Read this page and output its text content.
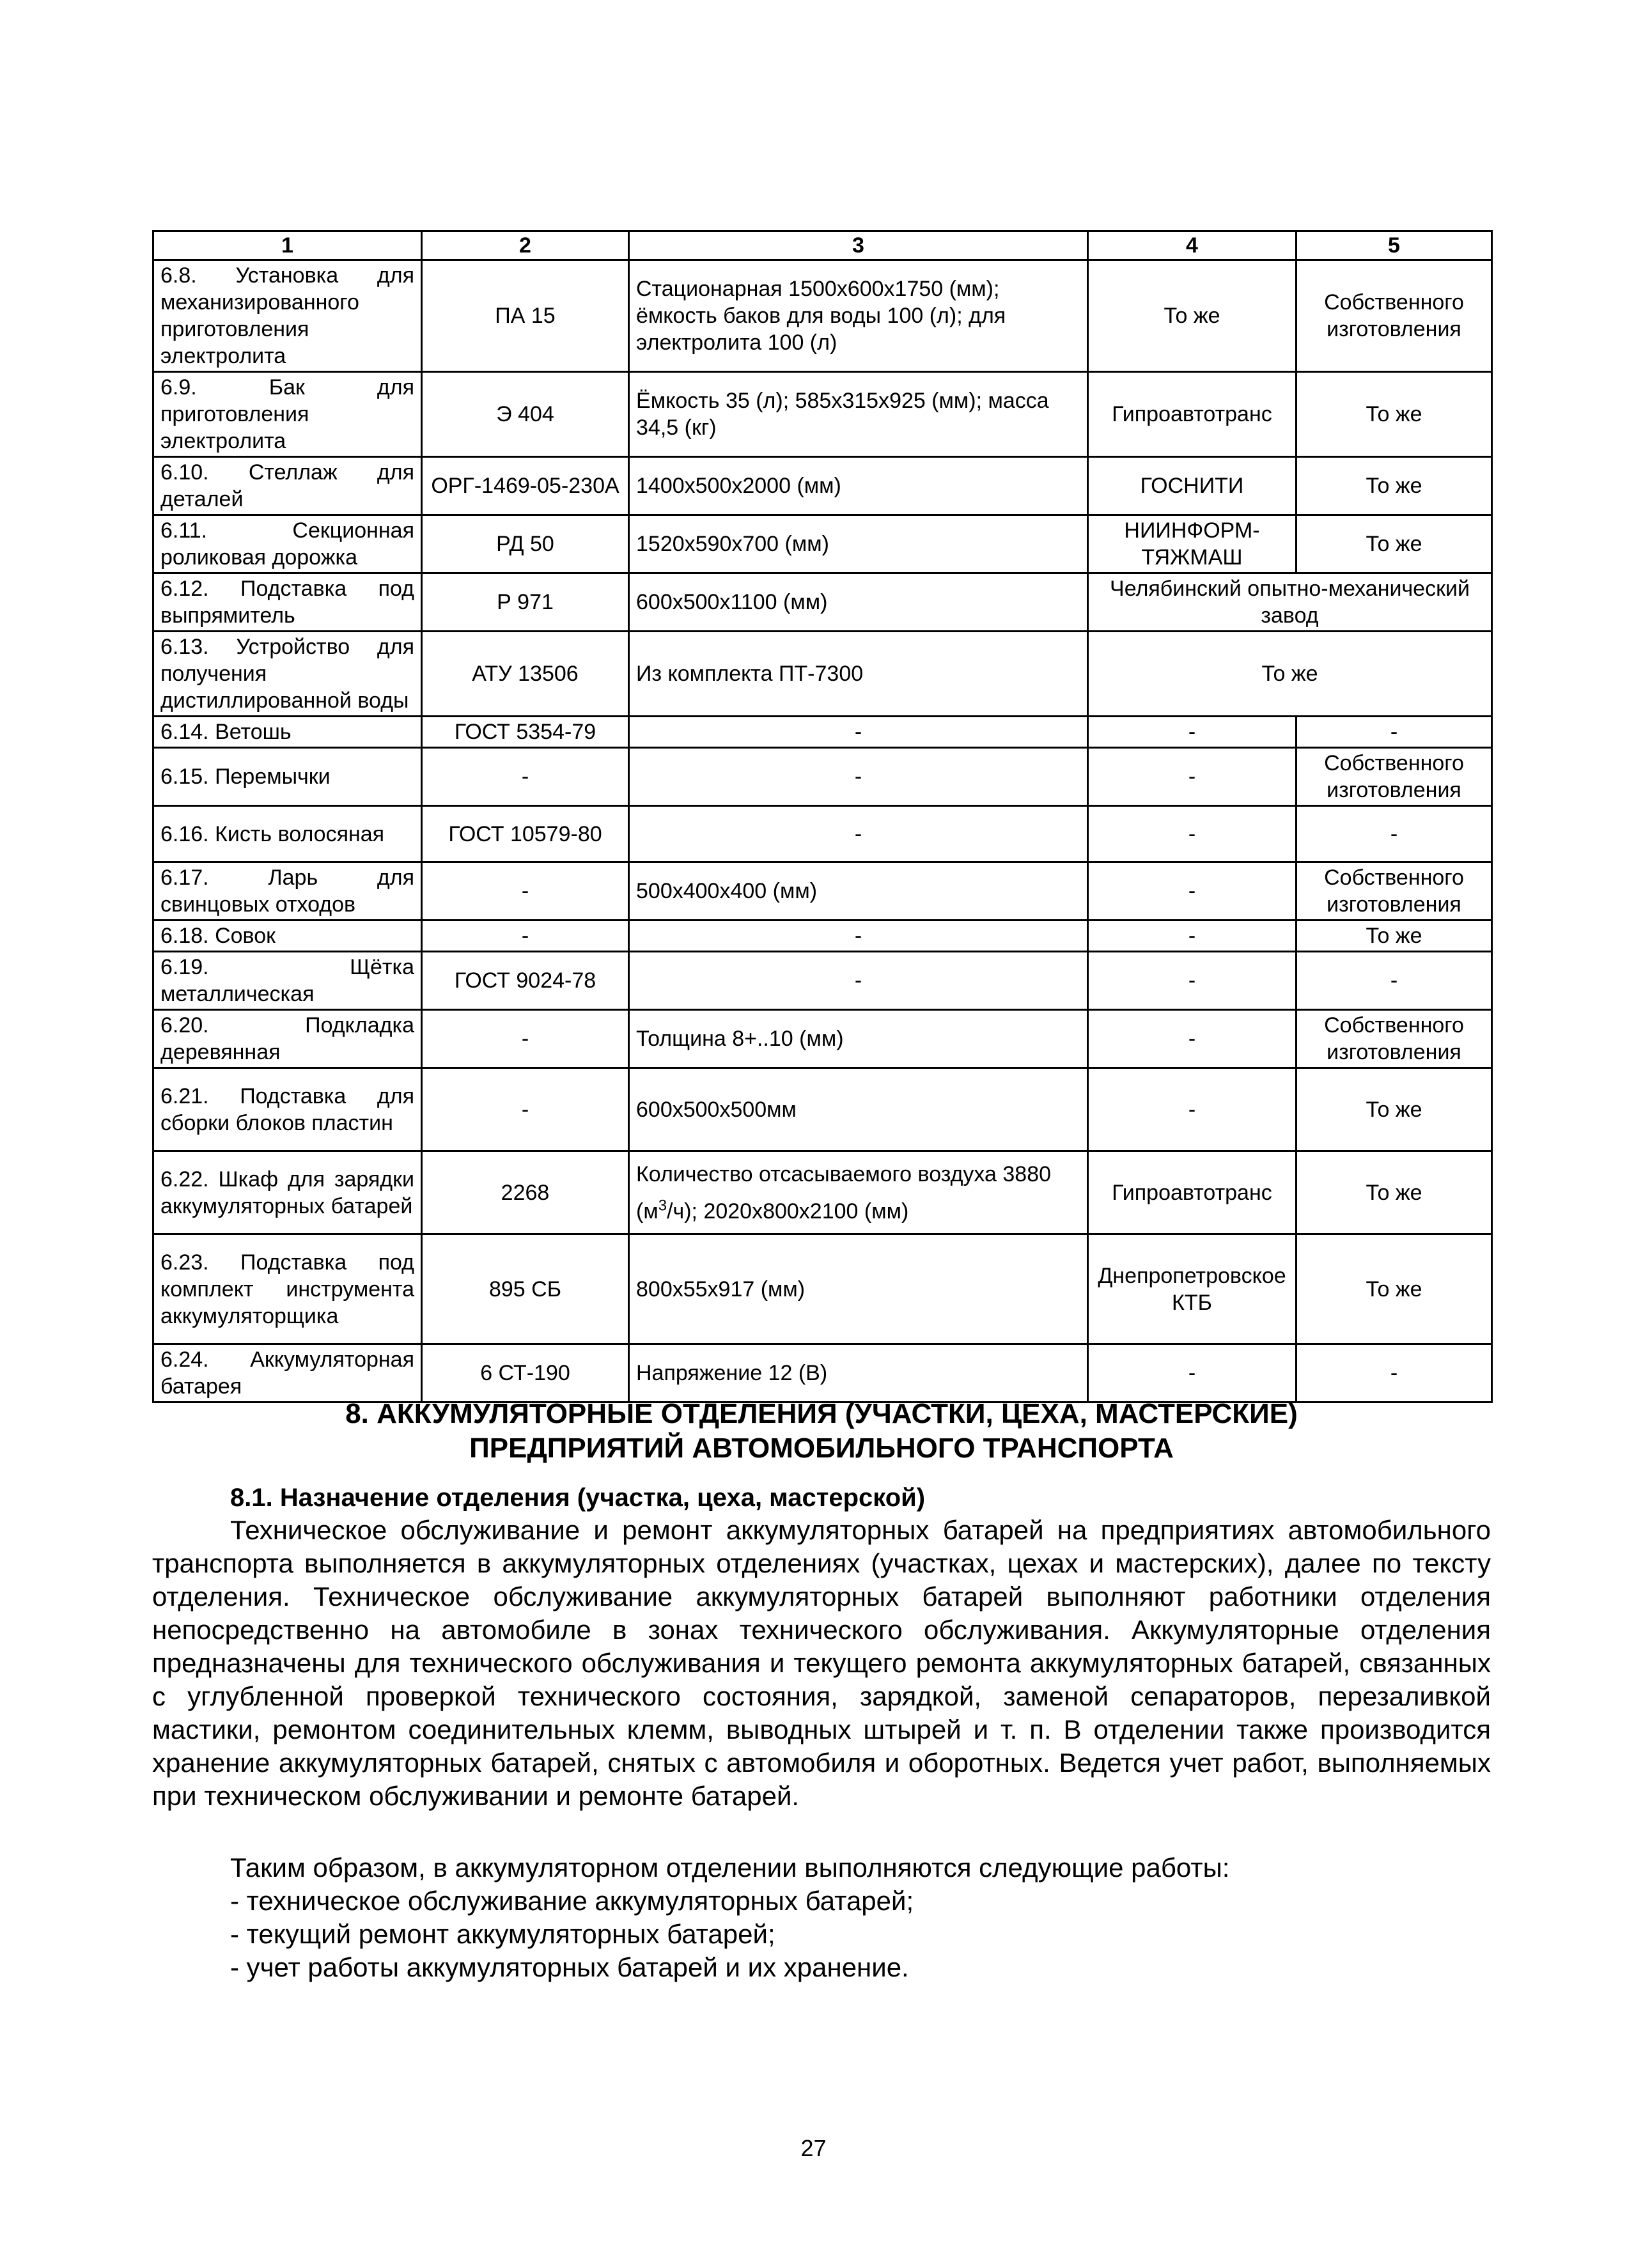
1	2	3	4	5
6.8. Установка для механизированного приготовления электролита	ПА 15	Стационарная 1500х600х1750 (мм); ёмкость баков для воды 100 (л); для электролита 100 (л)	То же	Собственного изготовления
6.9. Бак для приготовления электролита	Э 404	Ёмкость 35 (л); 585х315х925 (мм); масса 34,5 (кг)	Гипроавтотранс	То же
6.10. Стеллаж для деталей	ОРГ-1469-05-230А	1400х500х2000 (мм)	ГОСНИТИ	То же
6.11. Секционная роликовая дорожка	РД 50	1520х590х700 (мм)	НИИНФОРМ-ТЯЖМАШ	То же
6.12. Подставка под выпрямитель	Р 971	600х500х1100 (мм)	Челябинский опытно-механический завод	
6.13. Устройство для получения дистиллированной воды	АТУ 13506	Из комплекта ПТ-7300	То же	
6.14. Ветошь	ГОСТ 5354-79	-	-	-
6.15. Перемычки	-	-	-	Собственного изготовления
6.16. Кисть волосяная	ГОСТ 10579-80	-	-	-
6.17. Ларь для свинцовых отходов	-	500х400х400 (мм)	-	Собственного изготовления
6.18. Совок	-	-	-	То же
6.19. Щётка металлическая	ГОСТ 9024-78	-	-	-
6.20. Подкладка деревянная	-	Толщина 8+..10 (мм)	-	Собственного изготовления
6.21. Подставка для сборки блоков пластин	-	600х500х500мм	-	То же
6.22. Шкаф для зарядки аккумуляторных батарей	2268	Количество отсасываемого воздуха 3880 $(м^3/ч)$; 2020х800х2100 (мм)	Гипроавтотранс	То же
6.23. Подставка под комплект инструмента аккумуляторщика	895 СБ	800х55х917 (мм)	Днепропетровское КТБ	То же
6.24. Аккумуляторная батарея	6 СТ-190	Напряжение 12 (В)	-	-
8. АККУМУЛЯТОРНЫЕ ОТДЕЛЕНИЯ (УЧАСТКИ, ЦЕХА, МАСТЕРСКИЕ)
ПРЕДПРИЯТИЙ АВТОМОБИЛЬНОГО ТРАНСПОРТА
8.1. Назначение отделения (участка, цеха, мастерской)

Техническое обслуживание и ремонт аккумуляторных батарей на предприятиях автомобильного транспорта выполняется в аккумуляторных отделениях (участках, цехах и мастерских), далее по тексту отделения. Техническое обслуживание аккумуляторных батарей выполняют работники отделения непосредственно на автомобиле в зонах технического обслуживания. Аккумуляторные отделения предназначены для технического обслуживания и текущего ремонта аккумуляторных батарей, связанных с углубленной проверкой технического состояния, зарядкой, заменой сепараторов, перезаливкой мастики, ремонтом соединительных клемм, выводных штырей и т. п. В отделении также производится хранение аккумуляторных батарей, снятых с автомобиля и оборотных. Ведется учет работ, выполняемых при техническом обслуживании и ремонте батарей.

Таким образом, в аккумуляторном отделении выполняются следующие работы:
- техническое обслуживание аккумуляторных батарей;
- текущий ремонт аккумуляторных батарей;
- учет работы аккумуляторных батарей и их хранение.
27
